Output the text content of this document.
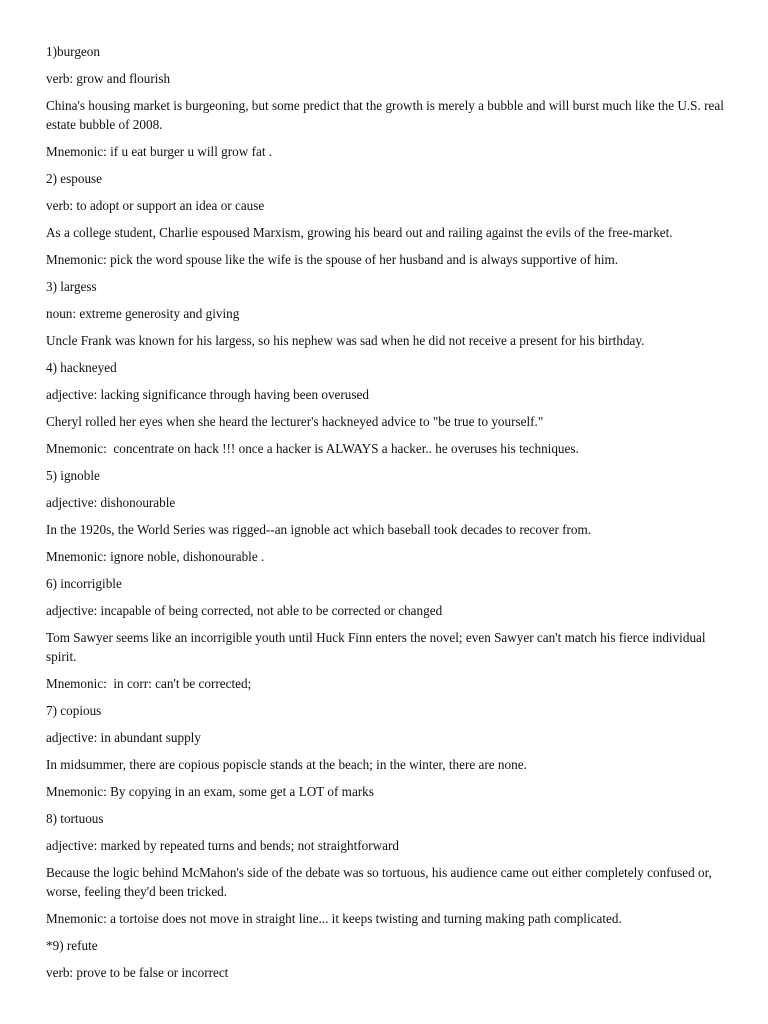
1)burgeon

verb: grow and flourish

China's housing market is burgeoning, but some predict that the growth is merely a bubble and will burst much like the U.S. real estate bubble of 2008.

Mnemonic: if u eat burger u will grow fat .

2) espouse

verb: to adopt or support an idea or cause

As a college student, Charlie espoused Marxism, growing his beard out and railing against the evils of the free-market.

Mnemonic: pick the word spouse like the wife is the spouse of her husband and is always supportive of him.

3) largess

noun: extreme generosity and giving

Uncle Frank was known for his largess, so his nephew was sad when he did not receive a present for his birthday.

4) hackneyed

adjective: lacking significance through having been overused

Cheryl rolled her eyes when she heard the lecturer's hackneyed advice to "be true to yourself."

Mnemonic:  concentrate on hack !!! once a hacker is ALWAYS a hacker.. he overuses his techniques.

5) ignoble

adjective: dishonourable

In the 1920s, the World Series was rigged--an ignoble act which baseball took decades to recover from.

Mnemonic: ignore noble, dishonourable .

6) incorrigible

adjective: incapable of being corrected, not able to be corrected or changed

Tom Sawyer seems like an incorrigible youth until Huck Finn enters the novel; even Sawyer can't match his fierce individual spirit.

Mnemonic:  in corr: can't be corrected;

7) copious

adjective: in abundant supply

In midsummer, there are copious popiscle stands at the beach; in the winter, there are none.

Mnemonic: By copying in an exam, some get a LOT of marks

8) tortuous

adjective: marked by repeated turns and bends; not straightforward

Because the logic behind McMahon's side of the debate was so tortuous, his audience came out either completely confused or, worse, feeling they'd been tricked.

Mnemonic: a tortoise does not move in straight line... it keeps twisting and turning making path complicated.

*9) refute

verb: prove to be false or incorrect
